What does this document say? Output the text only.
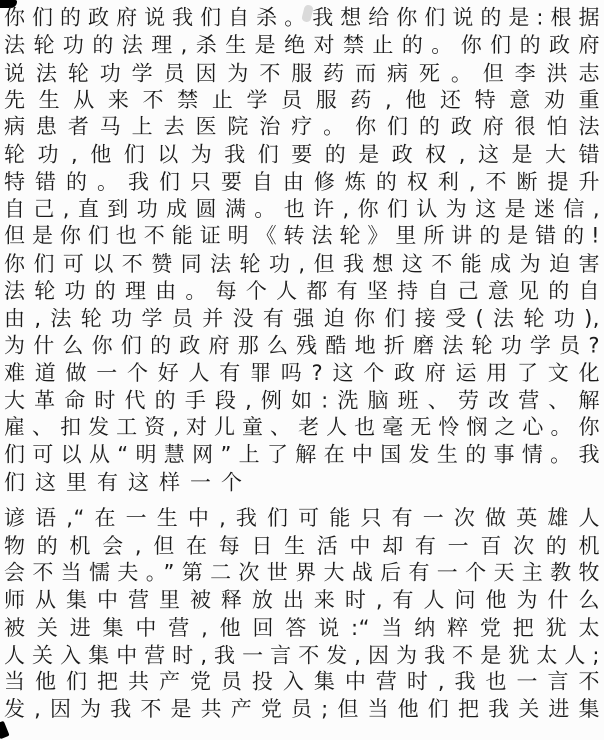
你们的政府说我们自杀。我想给你们说的是:根据

法轮功的法理,杀生是绝对禁止的。你们的政府

说法轮功学员因为不服药而病死。但李洪志

先生从来不禁止学员服药,他还特意劝重

病患者马上去医院治疗。你们的政府很怕法

轮功,他们以为我们要的是政权,这是大错

特错的。我们只要自由修炼的权利,不断提升

自己,直到功成圆满。也许,你们认为这是迷信,

但是你们也不能证明《转法轮》里所讲的是错的!

你们可以不赞同法轮功,但我想这不能成为迫害

法轮功的理由。每个人都有坚持自己意见的自

由,法轮功学员并没有强迫你们接受(法轮功),

为什么你们的政府那么残酷地折磨法轮功学员?

难道做一个好人有罪吗?这个政府运用了文化

大革命时代的手段,例如:洗脑班、劳改营、解

雇、扣发工资,对儿童、老人也毫无怜悯之心。你

们可以从“明慧网”上了解在中国发生的事情。我

们这里有这样一个

谚语,“在一生中,我们可能只有一次做英雄人

物的机会,但在每日生活中却有一百次的机

会不当懦夫。”第二次世界大战后有一个天主教牧

师从集中营里被释放出来时,有人问他为什么

被关进集中营,他回答说:“当纳粹党把犹太

人关入集中营时,我一言不发,因为我不是犹太人;

当他们把共产党员投入集中营时,我也一言不

发,因为我不是共产党员;但当他们把我关进集
